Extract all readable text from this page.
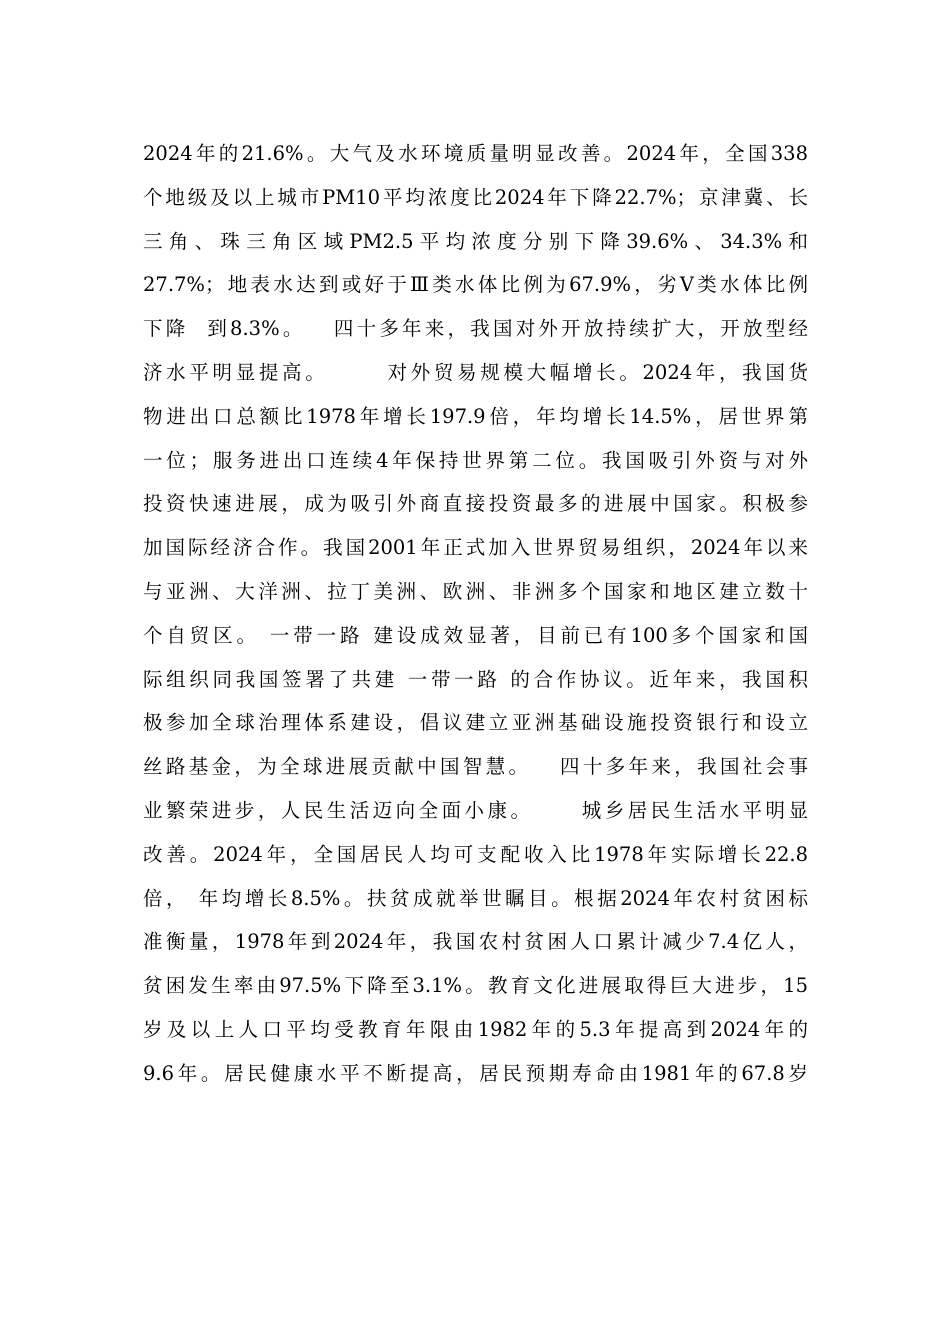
2024年的21.6%。大气及水环境质量明显改善。2024年，全国338
个地级及以上城市PM10平均浓度比2024年下降22.7%；京津冀、长
三角、珠三角区域PM2.5平均浓度分别下降39.6%、34.3%和
27.7%；地表水达到或好于Ⅲ类水体比例为67.9%，劣Ⅴ类水体比例
下降  到8.3%。   四十多年来，我国对外开放持续扩大，开放型经
济水平明显提高。      对外贸易规模大幅增长。2024年，我国货
物进出口总额比1978年增长197.9倍，年均增长14.5%，居世界第
一位；服务进出口连续4年保持世界第二位。我国吸引外资与对外
投资快速进展，成为吸引外商直接投资最多的进展中国家。积极参
加国际经济合作。我国2001年正式加入世界贸易组织，2024年以来
与亚洲、大洋洲、拉丁美洲、欧洲、非洲多个国家和地区建立数十
个自贸区。 一带一路 建设成效显著，目前已有100多个国家和国
际组织同我国签署了共建 一带一路 的合作协议。近年来，我国积
极参加全球治理体系建设，倡议建立亚洲基础设施投资银行和设立
丝路基金，为全球进展贡献中国智慧。   四十多年来，我国社会事
业繁荣进步，人民生活迈向全面小康。     城乡居民生活水平明显
改善。2024年，全国居民人均可支配收入比1978年实际增长22.8
倍， 年均增长8.5%。扶贫成就举世瞩目。根据2024年农村贫困标
准衡量，1978年到2024年，我国农村贫困人口累计减少7.4亿人，
贫困发生率由97.5%下降至3.1%。教育文化进展取得巨大进步，15
岁及以上人口平均受教育年限由1982年的5.3年提高到2024年的
9.6年。居民健康水平不断提高，居民预期寿命由1981年的67.8岁
